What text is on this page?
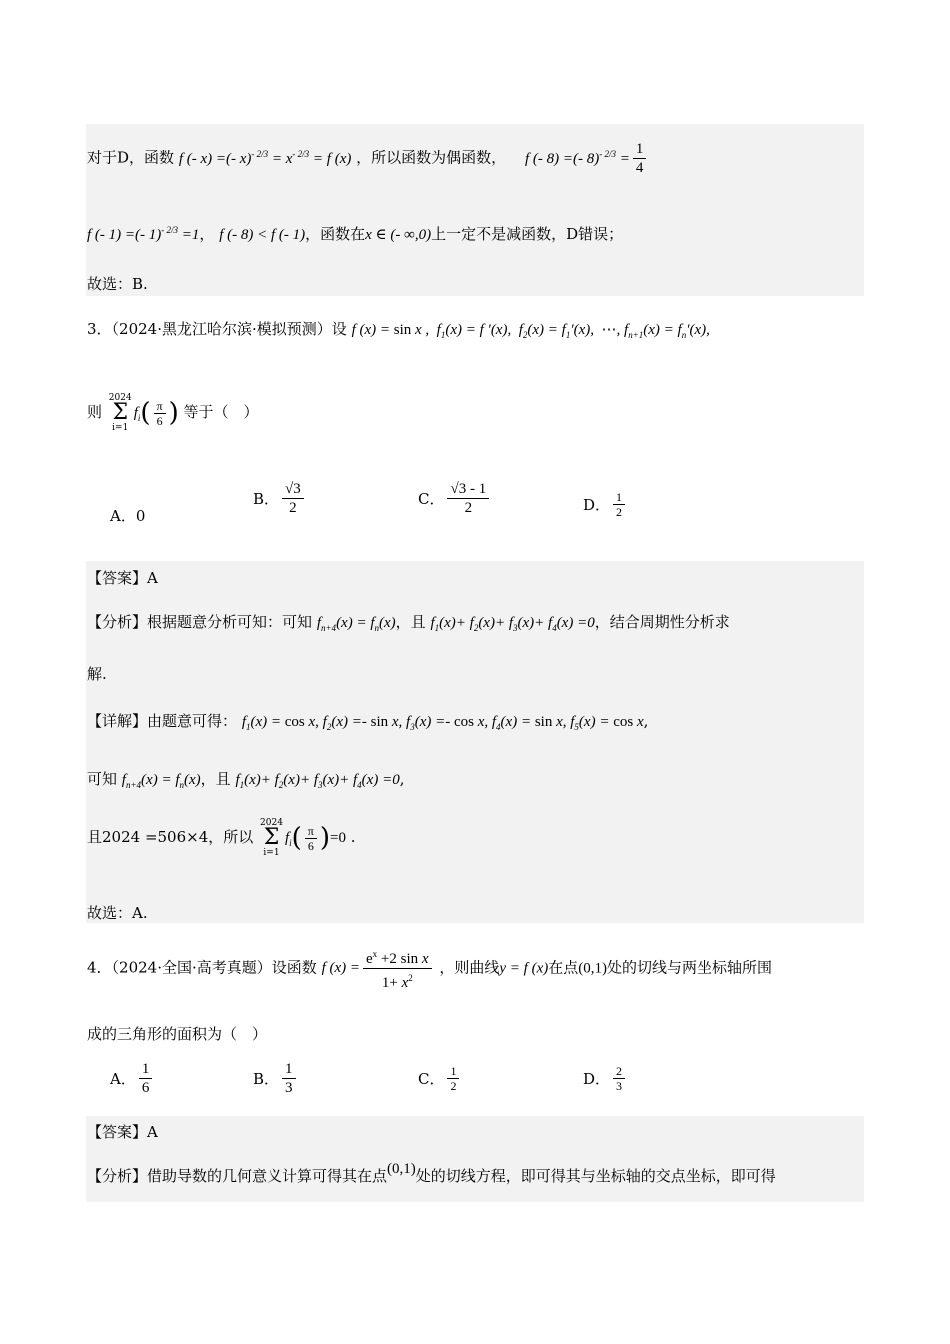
对于D，函数 f (- x) =(- $x)^{- 2/3} = x^{- 2/3} = f$ (x) ，所以函数为偶函数， f (- 8) =(- $8)^{- 2/3} = \frac{1}{4}$
f (- 1) =(- 1)$^{- 2/3}$ =1， f (- 8) < f (- 1)，函数在x ∈ (- ∞,0)上一定不是减函数，D错误；
故选：B.
3．（2024·黑龙江哈尔滨·模拟预测）设 f (x) = sin x ,  $f_1(x) = f$ ′(x),  $f_2(x) = f_1'(x)$,  ⋯, $f_{n+1}(x) = f_n'(x)$,
则
2024
Σ
i=1
$f_i( \frac{\pi}{6}$ ) 等于（　）
A．0
B． $\frac{√3}{2}$	C． $\frac{√3 - 1}{2}$	D． $\frac{1}{2}$
【答案】A
【分析】根据题意分析可知：可知 $f_{n+4}(x) = f_n(x)$，且 $f_1(x)+ f_2(x)+ f_3(x)+ f_4(x) =0$，结合周期性分析求
解.
【详解】由题意可得： $f_1(x) = \cos x$, $f_2(x) =- \sin x$, $f_3(x) =- \cos x$, $f_4(x) = \sin x$, $f_5(x) = \cos x$,
可知 $f_{n+4}(x) = f_n(x)$，且 $f_1(x)+ f_2(x)+ f_3(x)+ f_4(x) =0$,
且2024 =506×4，所以
2024
Σ
i=1
$f_i( \frac{\pi}{6} )=0$ .
故选：A.
4．（2024·全国·高考真题）设函数 f $(x) = \frac{e^x +2 \sin x}{1+ x^2}$ ，则曲线y = f (x)在点(0,1)处的切线与两坐标轴所围
成的三角形的面积为（　）
A． $\frac{1}{6}$	B． $\frac{1}{3}$	C． $\frac{1}{2}$	D． $\frac{2}{3}$
【答案】A
【分析】借助导数的几何意义计算可得其在点(0,1)处的切线方程，即可得其与坐标轴的交点坐标，即可得
